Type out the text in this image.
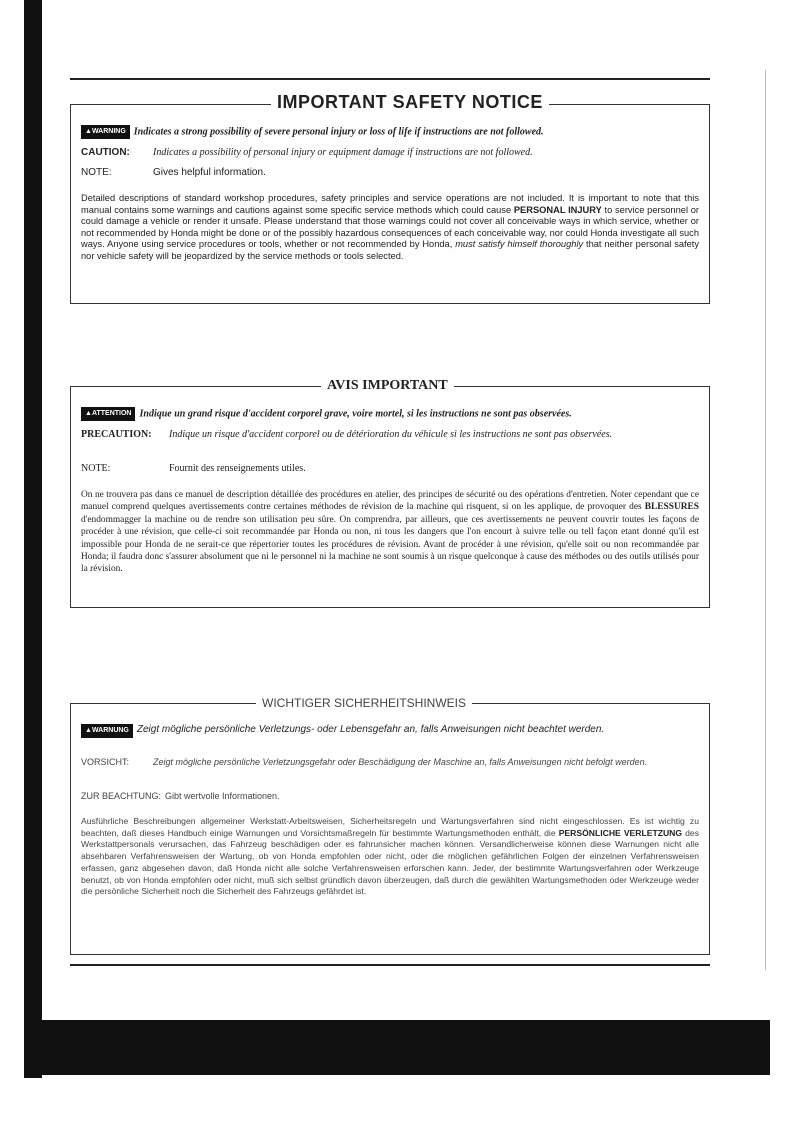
IMPORTANT SAFETY NOTICE
▲WARNING Indicates a strong possibility of severe personal injury or loss of life if instructions are not followed.
CAUTION: Indicates a possibility of personal injury or equipment damage if instructions are not followed.
NOTE:	Gives helpful information.
Detailed descriptions of standard workshop procedures, safety principles and service operations are not included. It is important to note that this manual contains some warnings and cautions against some specific service methods which could cause PERSONAL INJURY to service personnel or could damage a vehicle or render it unsafe. Please understand that those warnings could not cover all conceivable ways in which service, whether or not recommended by Honda might be done or of the possibly hazardous consequences of each conceivable way, nor could Honda investigate all such ways. Anyone using service procedures or tools, whether or not recommended by Honda, must satisfy himself thoroughly that neither personal safety nor vehicle safety will be jeopardized by the service methods or tools selected.
AVIS IMPORTANT
▲ATTENTION Indique un grand risque d'accident corporel grave, voire mortel, si les instructions ne sont pas observées.
PRECAUTION: Indique un risque d'accident corporel ou de détérioration du véhicule si les instructions ne sont pas observées.
NOTE:	Fournit des renseignements utiles.
On ne trouvera pas dans ce manuel de description détaillée des procédures en atelier, des principes de sécurité ou des opérations d'entretien. Noter cependant que ce manuel comprend quelques avertissements contre certaines méthodes de révision de la machine qui risquent, si on les applique, de provoquer des BLESSURES d'endommagger la machine ou de rendre son utilisation peu sûre. On comprendra, par ailleurs, que ces avertissements ne peuvent couvrir toutes les façons de procéder à une révision, que celle-ci soit recommandée par Honda ou non, ni tous les dangers que l'on encourt à suivre telle ou tell façon etant donné qu'il est impossible pour Honda de ne serait-ce que répertorier toutes les procédures de révision. Avant de procéder à une révision, qu'elle soit ou non recommandée par Honda; il faudra donc s'assurer absolument que ni le personnel ni la machine ne sont soumis à un risque quelconque à cause des méthodes ou des outils utilisés pour la révision.
WICHTIGER SICHERHEITSHINWEIS
▲WARNUNG Zeigt mögliche persönliche Verletzungs- oder Lebensgefahr an, falls Anweisungen nicht beachtet werden.
VORSICHT:	Zeigt mögliche persönliche Verletzungsgefahr oder Beschädigung der Maschine an, falls Anweisungen nicht befolgt werden.
ZUR BEACHTUNG: Gibt wertvolle Informationen.
Ausführliche Beschreibungen allgemeiner Werkstatt-Arbeitsweisen, Sicherheitsregeln und Wartungsverfahren sind nicht eingeschlossen. Es ist wichtig zu beachten, daß dieses Handbuch einige Warnungen und Vorsichtsmaßregeln für bestimmte Wartungsmethoden enthält, die PERSÖNLICHE VERLETZUNG des Werkstattpersonals verursachen, das Fahrzeug beschädigen oder es fahrunsicher machen können. Versandlicherweise können diese Warnungen nicht alle absehbaren Verfahrensweisen der Wartung, ob von Honda empfohlen oder nicht, oder die möglichen gefährlichen Folgen der einzelnen Verfahrensweisen erfassen, ganz abgesehen davon, daß Honda nicht alle solche Verfahrensweisen erforschen kann. Jeder, der bestimmte Wartungsverfahren oder Werkzeuge benutzt, ob von Honda empfohlen oder nicht, muß sich selbst gründlich davon überzeugen, daß durch die gewählten Wartungsmethoden oder Werkzeuge weder die persönliche Sicherheit noch die Sicherheit des Fahrzeugs gefährdet ist.
